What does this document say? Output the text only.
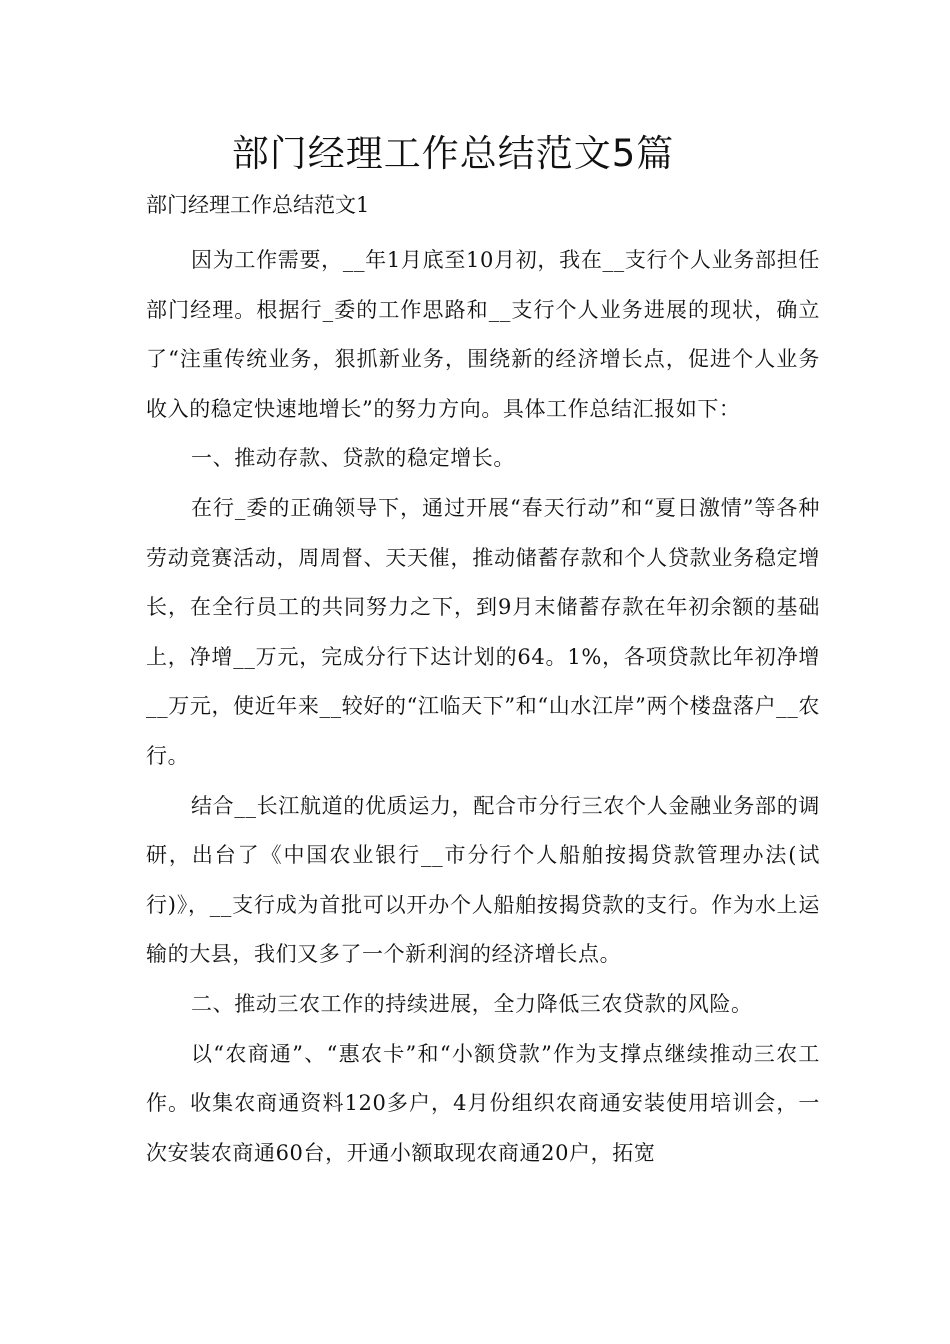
部门经理工作总结范文5篇
部门经理工作总结范文1

因为工作需要，__年1月底至10月初，我在__支行个人业务部担任部门经理。根据行_委的工作思路和__支行个人业务进展的现状，确立了“注重传统业务，狠抓新业务，围绕新的经济增长点，促进个人业务收入的稳定快速地增长”的努力方向。具体工作总结汇报如下：

一、推动存款、贷款的稳定增长。

在行_委的正确领导下，通过开展“春天行动”和“夏日激情”等各种劳动竞赛活动，周周督、天天催，推动储蓄存款和个人贷款业务稳定增长，在全行员工的共同努力之下，到9月末储蓄存款在年初余额的基础上，净增__万元，完成分行下达计划的64。1%，各项贷款比年初净增__万元，使近年来__较好的“江临天下”和“山水江岸”两个楼盘落户__农行。

结合__长江航道的优质运力，配合市分行三农个人金融业务部的调研，出台了《中国农业银行__市分行个人船舶按揭贷款管理办法(试行)》，__支行成为首批可以开办个人船舶按揭贷款的支行。作为水上运输的大县，我们又多了一个新利润的经济增长点。

二、推动三农工作的持续进展，全力降低三农贷款的风险。

以“农商通”、“惠农卡”和“小额贷款”作为支撑点继续推动三农工作。收集农商通资料120多户，4月份组织农商通安装使用培训会，一次安装农商通60台，开通小额取现农商通20户，拓宽
